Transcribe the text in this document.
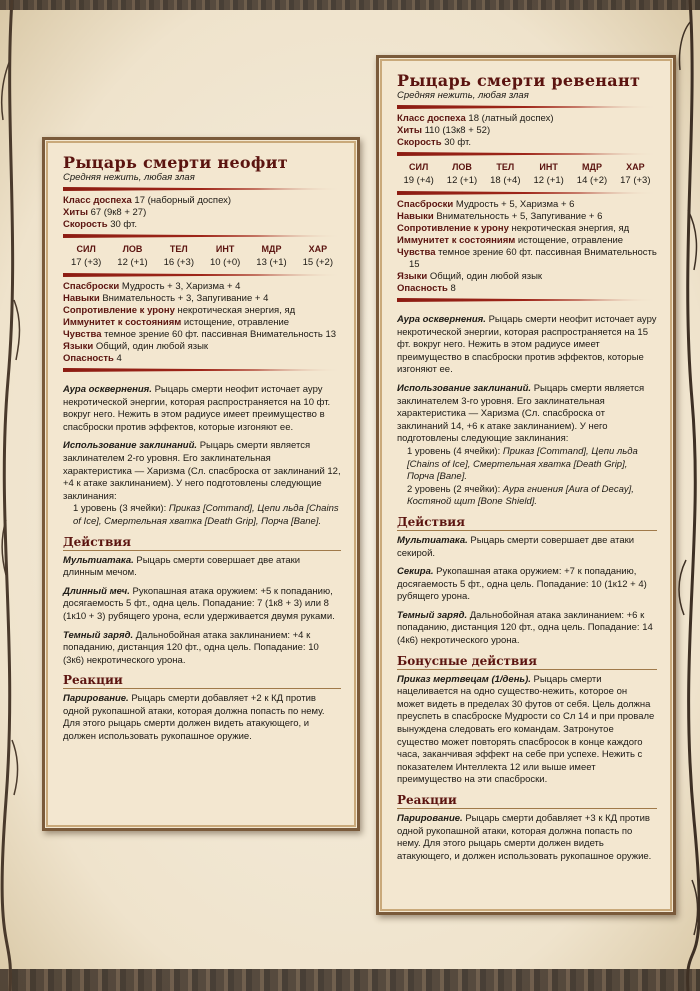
Рыцарь смерти неофит
Средняя нежить, любая злая
Класс доспеха 17 (наборный доспех)
Хиты 67 (9к8 + 27)
Скорость 30 фт.
СИЛ	ЛОВ	ТЕЛ	ИНТ	МДР	ХАР
17 (+3)	12 (+1)	16 (+3)	10 (+0)	13 (+1)	15 (+2)
Спасброски Мудрость + 3, Харизма + 4
Навыки Внимательность + 3, Запугивание + 4
Сопротивление к урону некротическая энергия, яд
Иммунитет к состояниям истощение, отравление
Чувства темное зрение 60 фт. пассивная Внимательность 13
Языки Общий, один любой язык
Опасность 4
Аура осквернения. Рыцарь смерти неофит источает ауру некротической энергии, которая распространяется на 10 фт. вокруг него. Нежить в этом радиусе имеет преимущество в спасброски против эффектов, которые изгоняют ее.
Использование заклинаний. Рыцарь смерти является заклинателем 2-го уровня. Его заклинательная характеристика — Харизма (Сл. спасброска от заклинаний 12, +4 к атаке заклинанием). У него подготовлены следующие заклинания:
1 уровень (3 ячейки): Приказ [Command], Цепи льда [Chains of Ice], Смертельная хватка [Death Grip], Порча [Bane].
Действия
Мультиатака. Рыцарь смерти совершает две атаки длинным мечом.
Длинный меч. Рукопашная атака оружием: +5 к попаданию, досягаемость 5 фт., одна цель. Попадание: 7 (1к8 + 3) или 8 (1к10 + 3) рубящего урона, если удерживается двумя руками.
Темный заряд. Дальнобойная атака заклинанием: +4 к попаданию, дистанция 120 фт., одна цель. Попадание: 10 (3к6) некротического урона.
Реакции
Парирование. Рыцарь смерти добавляет +2 к КД против одной рукопашной атаки, которая должна попасть по нему. Для этого рыцарь смерти должен видеть атакующего, и должен использовать рукопашное оружие.
Рыцарь смерти ревенант
Средняя нежить, любая злая
Класс доспеха 18 (латный доспех)
Хиты 110 (13к8 + 52)
Скорость 30 фт.
СИЛ	ЛОВ	ТЕЛ	ИНТ	МДР	ХАР
19 (+4)	12 (+1)	18 (+4)	12 (+1)	14 (+2)	17 (+3)
Спасброски Мудрость + 5, Харизма + 6
Навыки Внимательность + 5, Запугивание + 6
Сопротивление к урону некротическая энергия, яд
Иммунитет к состояниям истощение, отравление
Чувства темное зрение 60 фт. пассивная Внимательность 15
Языки Общий, один любой язык
Опасность 8
Аура осквернения. Рыцарь смерти неофит источает ауру некротической энергии, которая распространяется на 15 фт. вокруг него. Нежить в этом радиусе имеет преимущество в спасброски против эффектов, которые изгоняют ее.
Использование заклинаний. Рыцарь смерти является заклинателем 3-го уровня. Его заклинательная характеристика — Харизма (Сл. спасброска от заклинаний 14, +6 к атаке заклинанием). У него подготовлены следующие заклинания:
1 уровень (4 ячейки): Приказ [Command], Цепи льда [Chains of Ice], Смертельная хватка [Death Grip], Порча [Bane].
2 уровень (2 ячейки): Аура гниения [Aura of Decay], Костяной щит [Bone Shield].
Действия
Мультиатака. Рыцарь смерти совершает две атаки секирой.
Секира. Рукопашная атака оружием: +7 к попаданию, досягаемость 5 фт., одна цель. Попадание: 10 (1к12 + 4) рубящего урона.
Темный заряд. Дальнобойная атака заклинанием: +6 к попаданию, дистанция 120 фт., одна цель. Попадание: 14 (4к6) некротического урона.
Бонусные действия
Приказ мертвецам (1/день). Рыцарь смерти нацеливается на одно существо-нежить, которое он может видеть в пределах 30 футов от себя. Цель должна преуспеть в спасброске Мудрости со Сл 14 и при провале вынуждена следовать его командам. Затронутое существо может повторять спасбросок в конце каждого часа, заканчивая эффект на себе при успехе. Нежить с показателем Интеллекта 12 или выше имеет преимущество на эти спасброски.
Реакции
Парирование. Рыцарь смерти добавляет +3 к КД против одной рукопашной атаки, которая должна попасть по нему. Для этого рыцарь смерти должен видеть атакующего, и должен использовать рукопашное оружие.
